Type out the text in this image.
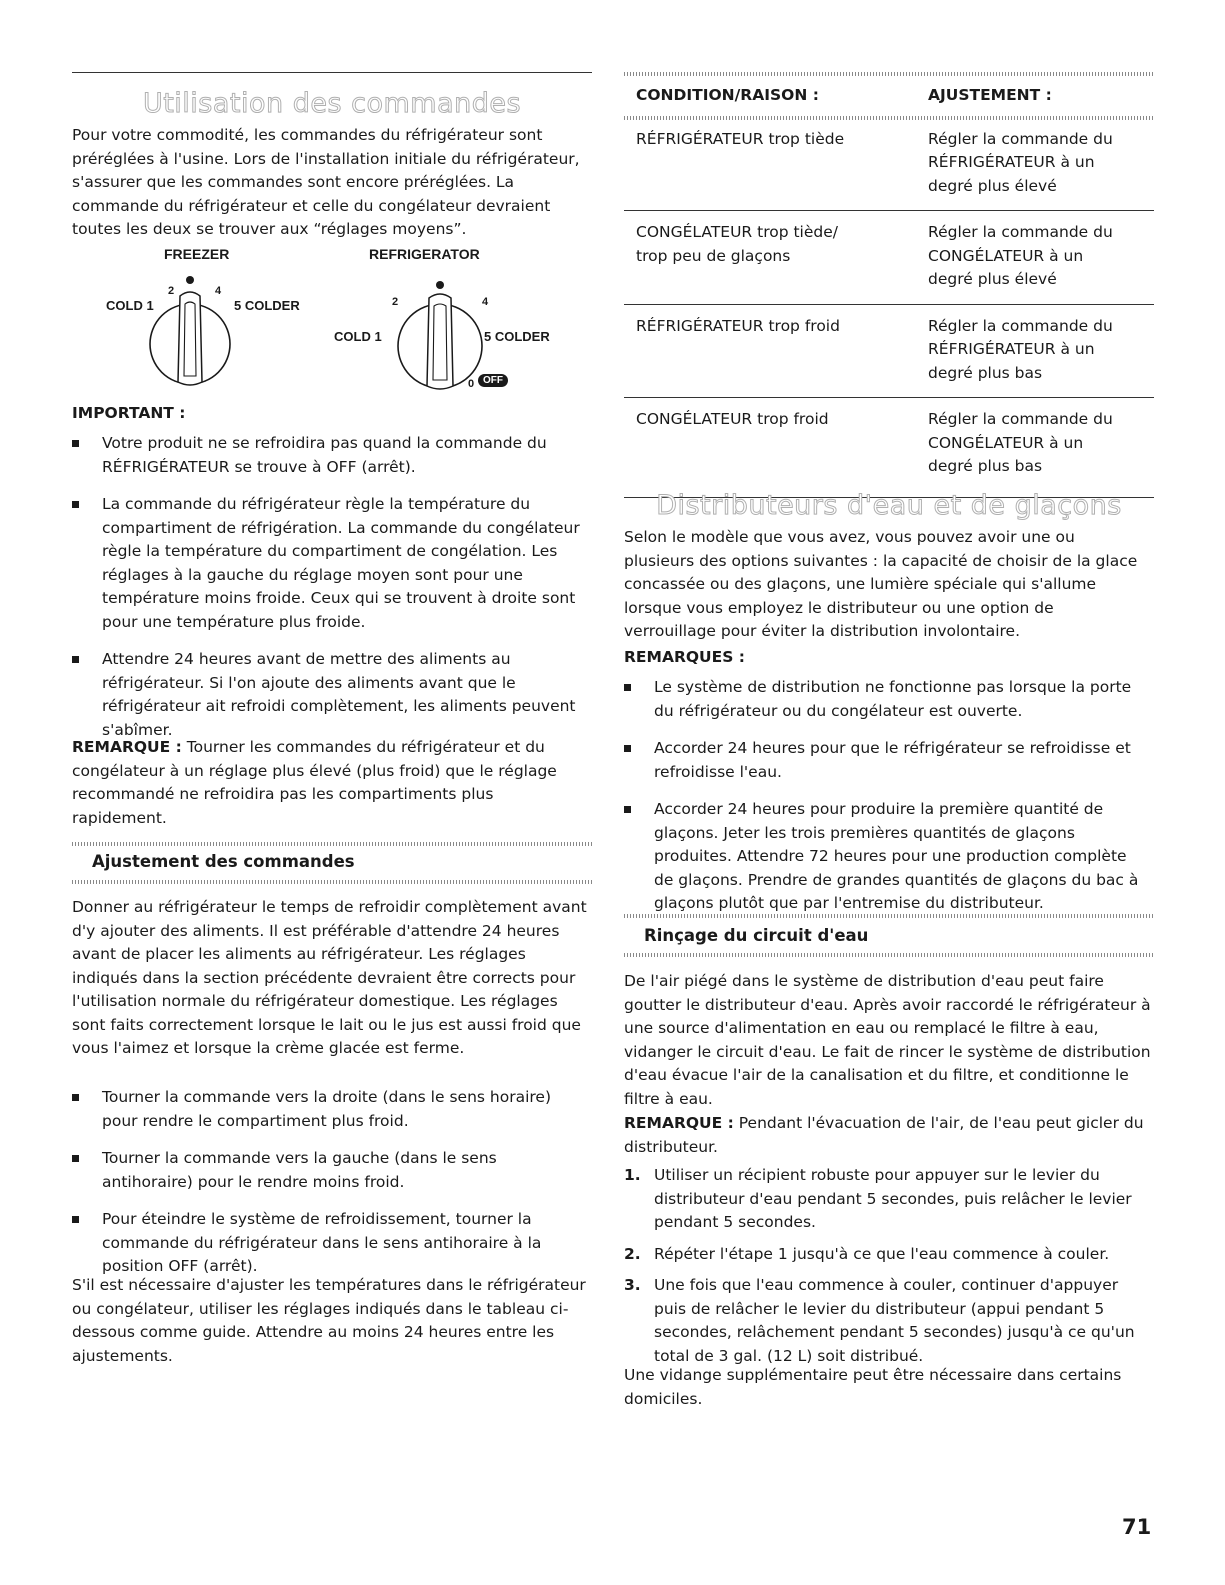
Utilisation des commandes

Pour votre commodité, les commandes du réfrigérateur sont préréglées à l'usine. Lors de l'installation initiale du réfrigérateur, s'assurer que les commandes sont encore préréglées. La commande du réfrigérateur et celle du congélateur devraient toutes les deux se trouver aux “réglages moyens”.

FREEZER	REFRIGERATOR
COLD 1
2	4
5 COLDER
COLD 1
2	4
5 COLDER
0 OFF
IMPORTANT :
Votre produit ne se refroidira pas quand la commande du RÉFRIGÉRATEUR se trouve à OFF (arrêt).
La commande du réfrigérateur règle la température du compartiment de réfrigération. La commande du congélateur règle la température du compartiment de congélation. Les réglages à la gauche du réglage moyen sont pour une température moins froide. Ceux qui se trouvent à droite sont pour une température plus froide.
Attendre 24 heures avant de mettre des aliments au réfrigérateur. Si l'on ajoute des aliments avant que le réfrigérateur ait refroidi complètement, les aliments peuvent s'abîmer.

REMARQUE : Tourner les commandes du réfrigérateur et du congélateur à un réglage plus élevé (plus froid) que le réglage recommandé ne refroidira pas les compartiments plus rapidement.

Ajustement des commandes

Donner au réfrigérateur le temps de refroidir complètement avant d'y ajouter des aliments. Il est préférable d'attendre 24 heures avant de placer les aliments au réfrigérateur. Les réglages indiqués dans la section précédente devraient être corrects pour l'utilisation normale du réfrigérateur domestique. Les réglages sont faits correctement lorsque le lait ou le jus est aussi froid que vous l'aimez et lorsque la crème glacée est ferme.

Tourner la commande vers la droite (dans le sens horaire) pour rendre le compartiment plus froid.
Tourner la commande vers la gauche (dans le sens antihoraire) pour le rendre moins froid.
Pour éteindre le système de refroidissement, tourner la commande du réfrigérateur dans le sens antihoraire à la position OFF (arrêt).

S'il est nécessaire d'ajuster les températures dans le réfrigérateur ou congélateur, utiliser les réglages indiqués dans le tableau ci-dessous comme guide. Attendre au moins 24 heures entre les ajustements.

CONDITION/RAISON :	AJUSTEMENT :

RÉFRIGÉRATEUR trop tiède	Régler la commande du RÉFRIGÉRATEUR à un degré plus élevé

CONGÉLATEUR trop tiède/ trop peu de glaçons	Régler la commande du CONGÉLATEUR à un degré plus élevé

RÉFRIGÉRATEUR trop froid	Régler la commande du RÉFRIGÉRATEUR à un degré plus bas

CONGÉLATEUR trop froid	Régler la commande du CONGÉLATEUR à un degré plus bas

Distributeurs d'eau et de glaçons

Selon le modèle que vous avez, vous pouvez avoir une ou plusieurs des options suivantes : la capacité de choisir de la glace concassée ou des glaçons, une lumière spéciale qui s'allume lorsque vous employez le distributeur ou une option de verrouillage pour éviter la distribution involontaire.

REMARQUES :
Le système de distribution ne fonctionne pas lorsque la porte du réfrigérateur ou du congélateur est ouverte.
Accorder 24 heures pour que le réfrigérateur se refroidisse et refroidisse l'eau.
Accorder 24 heures pour produire la première quantité de glaçons. Jeter les trois premières quantités de glaçons produites. Attendre 72 heures pour une production complète de glaçons. Prendre de grandes quantités de glaçons du bac à glaçons plutôt que par l'entremise du distributeur.
Rinçage du circuit d'eau

De l'air piégé dans le système de distribution d'eau peut faire goutter le distributeur d'eau. Après avoir raccordé le réfrigérateur à une source d'alimentation en eau ou remplacé le filtre à eau, vidanger le circuit d'eau. Le fait de rincer le système de distribution d'eau évacue l'air de la canalisation et du filtre, et conditionne le filtre à eau.

REMARQUE : Pendant l'évacuation de l'air, de l'eau peut gicler du distributeur.

1. Utiliser un récipient robuste pour appuyer sur le levier du distributeur d'eau pendant 5 secondes, puis relâcher le levier pendant 5 secondes.
2. Répéter l'étape 1 jusqu'à ce que l'eau commence à couler.
3. Une fois que l'eau commence à couler, continuer d'appuyer puis de relâcher le levier du distributeur (appui pendant 5 secondes, relâchement pendant 5 secondes) jusqu'à ce qu'un total de 3 gal. (12 L) soit distribué.

Une vidange supplémentaire peut être nécessaire dans certains domiciles.

71
